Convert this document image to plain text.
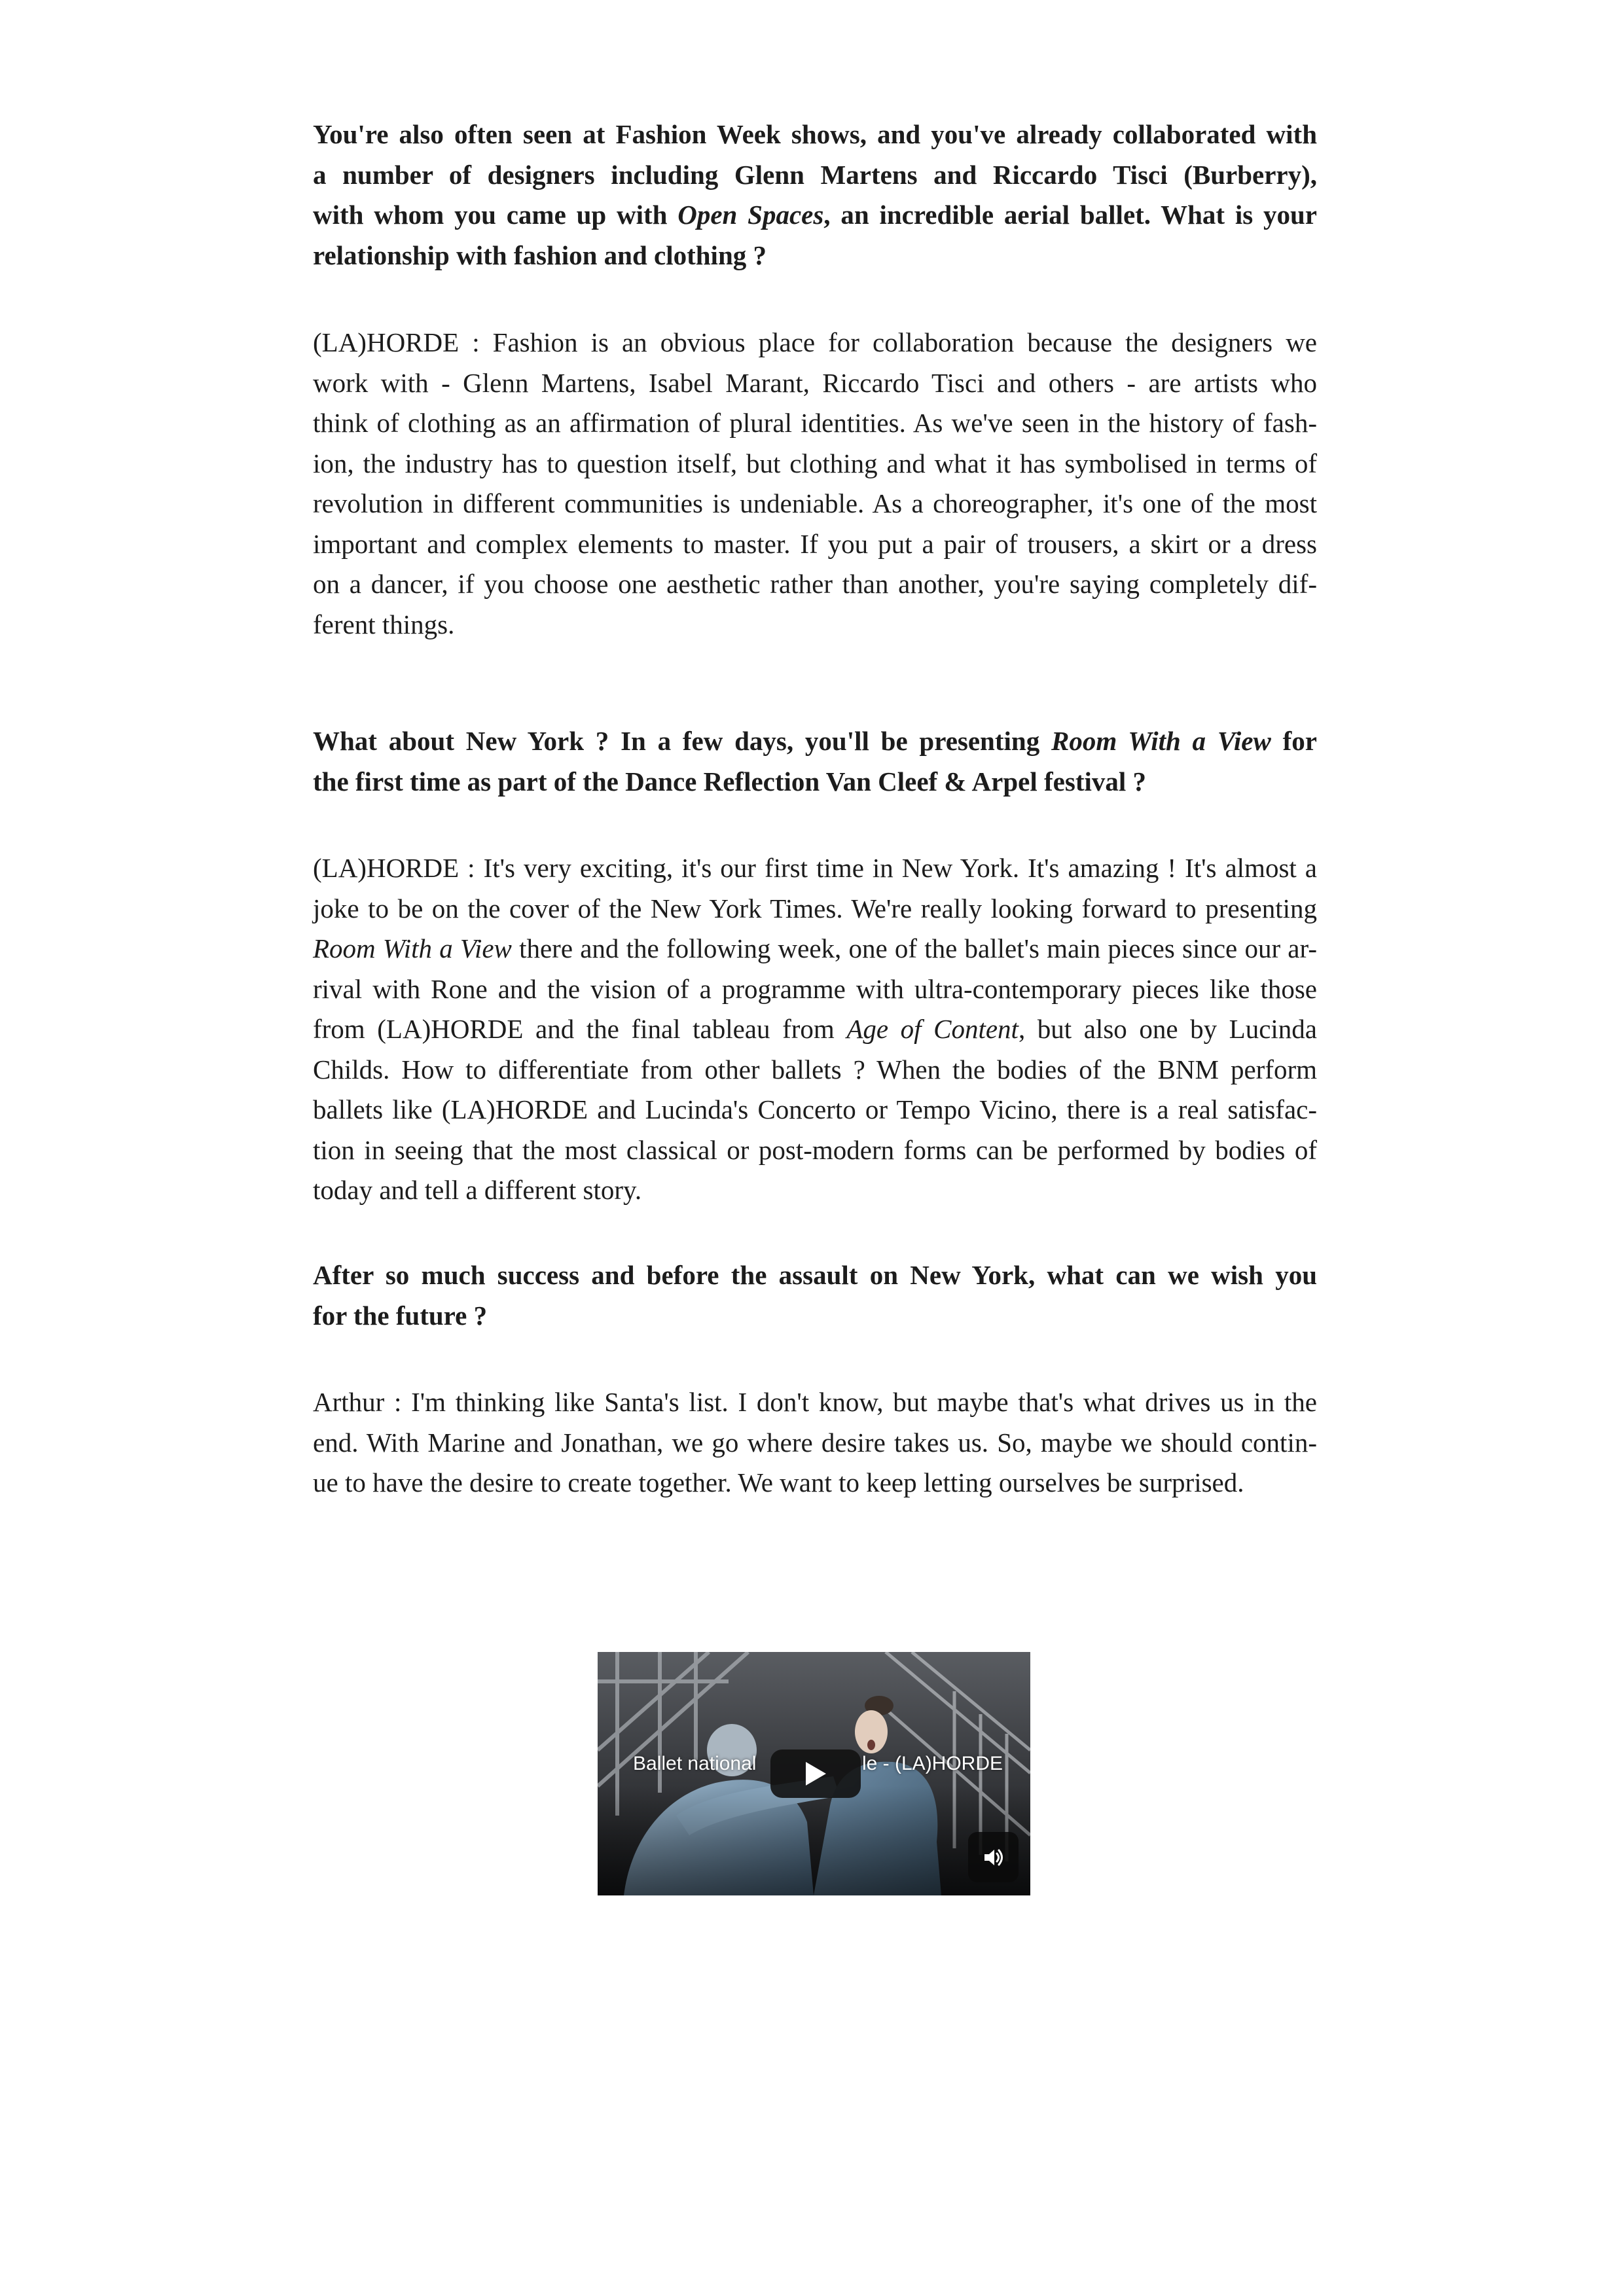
You're also often seen at Fashion Week shows, and you've already collaborated with
a number of designers including Glenn Martens and Riccardo Tisci (Burberry),
with whom you came up with Open Spaces, an incredible aerial ballet. What is your
relationship with fashion and clothing ?
(LA)HORDE : Fashion is an obvious place for collaboration because the designers we
work with - Glenn Martens, Isabel Marant, Riccardo Tisci and others - are artists who
think of clothing as an affirmation of plural identities. As we've seen in the history of fash-
ion, the industry has to question itself, but clothing and what it has symbolised in terms of
revolution in different communities is undeniable. As a choreographer, it's one of the most
important and complex elements to master. If you put a pair of trousers, a skirt or a dress
on a dancer, if you choose one aesthetic rather than another, you're saying completely dif-
ferent things.
What about New York ? In a few days, you'll be presenting Room With a View for
the first time as part of the Dance Reflection Van Cleef & Arpel festival ?
(LA)HORDE : It's very exciting, it's our first time in New York. It's amazing ! It's almost a
joke to be on the cover of the New York Times. We're really looking forward to presenting
Room With a View there and the following week, one of the ballet's main pieces since our ar-
rival with Rone and the vision of a programme with ultra-contemporary pieces like those
from (LA)HORDE and the final tableau from Age of Content, but also one by Lucinda
Childs. How to differentiate from other ballets ? When the bodies of the BNM perform
ballets like (LA)HORDE and Lucinda's Concerto or Tempo Vicino, there is a real satisfac-
tion in seeing that the most classical or post-modern forms can be performed by bodies of
today and tell a different story.
After so much success and before the assault on New York, what can we wish you
for the future ?
Arthur : I'm thinking like Santa's list. I don't know, but maybe that's what drives us in the
end. With Marine and Jonathan, we go where desire takes us. So, maybe we should contin-
ue to have the desire to create together. We want to keep letting ourselves be surprised.
Ballet national	le - (LA)HORDE
